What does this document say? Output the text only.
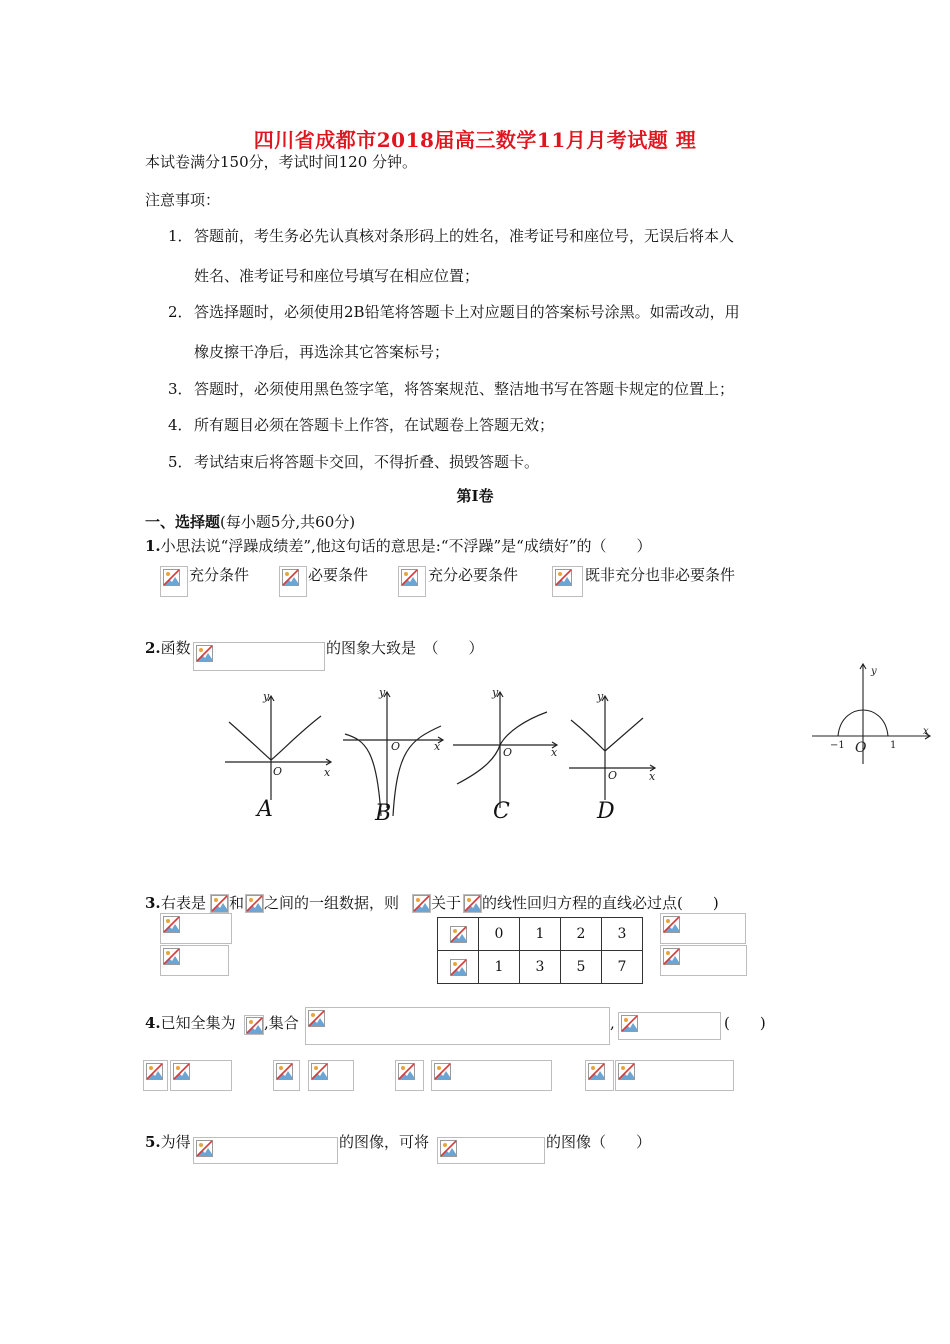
四川省成都市2018届高三数学11月月考试题 理
本试卷满分150分，考试时间120 分钟。
注意事项：
1． 答题前，考生务必先认真核对条形码上的姓名，准考证号和座位号，无误后将本人
姓名、准考证号和座位号填写在相应位置；
2． 答选择题时，必须使用2B铅笔将答题卡上对应题目的答案标号涂黑。如需改动，用
橡皮擦干净后，再选涂其它答案标号；
3． 答题时，必须使用黑色签字笔，将答案规范、整洁地书写在答题卡规定的位置上；
4． 所有题目必须在答题卡上作答，在试题卷上答题无效；
5． 考试结束后将答题卡交回，不得折叠、损毁答题卡。
第Ⅰ卷
一、选择题(每小题5分,共60分)
1.小思法说“浮躁成绩差”,他这句话的意思是:“不浮躁”是“成绩好”的（　　）
充分条件	必要条件	充分必要条件	既非充分也非必要条件
2.函数	的图象大致是　（　　）
y
x
O
y
x
O
y
x
O
y
x
O
A	B	C	D
y
x
−1	1
O
3. 右表是 和 之间的一组数据，则 关于 的线性回归方程的直线必过点(　　)
	0	1	2	3

	1	3	5	7
4.已知全集为 ,集合	,	(　　)
5.为得	的图像，可将	的图像（　　）
